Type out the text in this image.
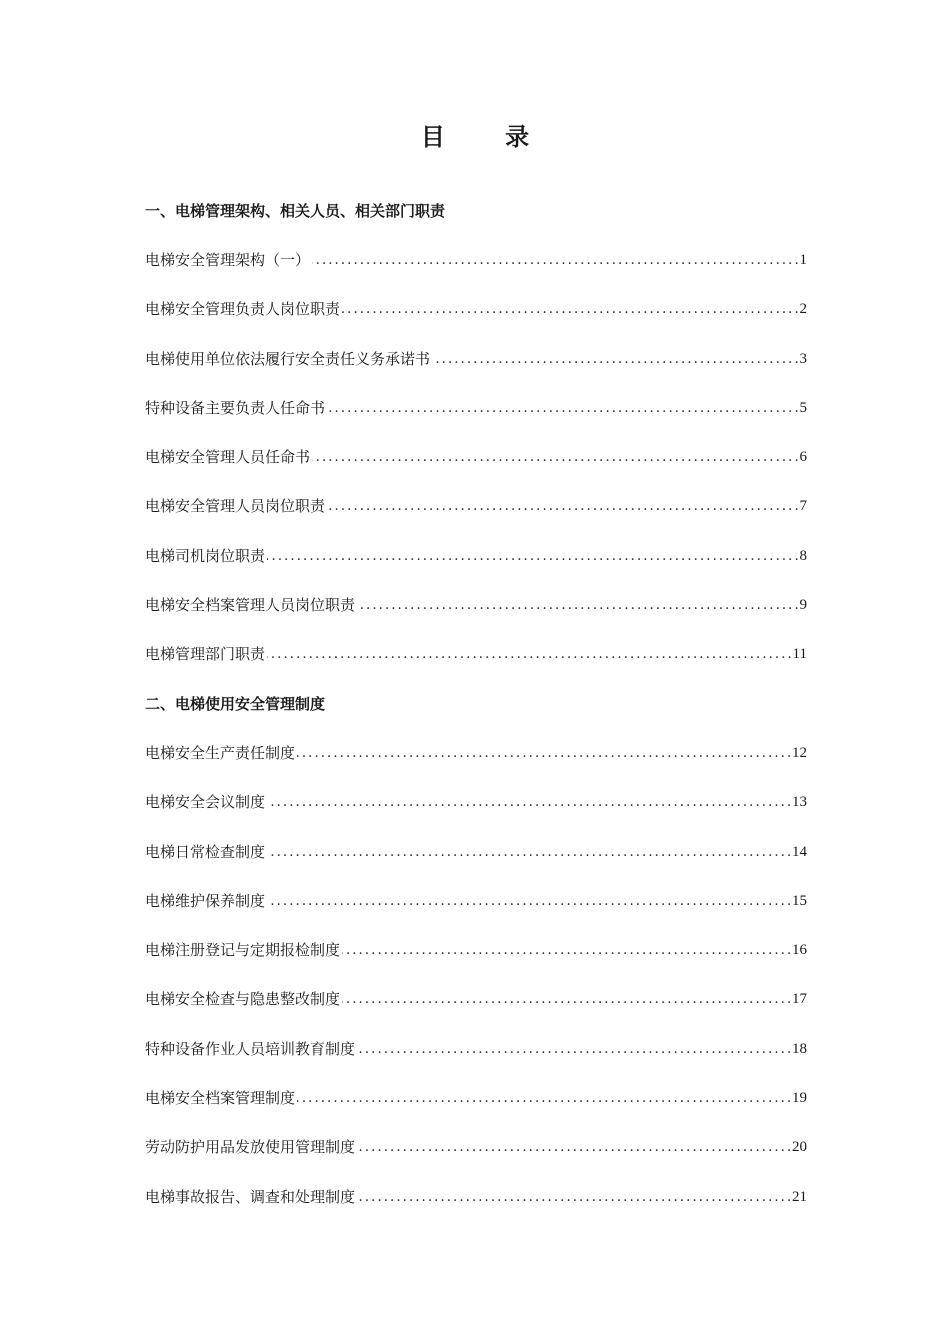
目 录
一、电梯管理架构、相关人员、相关部门职责
电梯安全管理架构（一） . . .	1
电梯安全管理负责人岗位职责 . . .	2
电梯使用单位依法履行安全责任义务承诺书 . . .	3
特种设备主要负责人任命书 . . .	5
电梯安全管理人员任命书 . . .	6
电梯安全管理人员岗位职责 . . .	7
电梯司机岗位职责 . . .	8
电梯安全档案管理人员岗位职责 . . .	9
电梯管理部门职责 . . .	11
二、电梯使用安全管理制度
电梯安全生产责任制度 . . .	12
电梯安全会议制度 . . .	13
电梯日常检查制度 . . .	14
电梯维护保养制度 . . .	15
电梯注册登记与定期报检制度 . . .	16
电梯安全检查与隐患整改制度 . . .	17
特种设备作业人员培训教育制度 . . .	18
电梯安全档案管理制度 . . .	19
劳动防护用品发放使用管理制度 . . .	20
电梯事故报告、调查和处理制度 . . .	21
